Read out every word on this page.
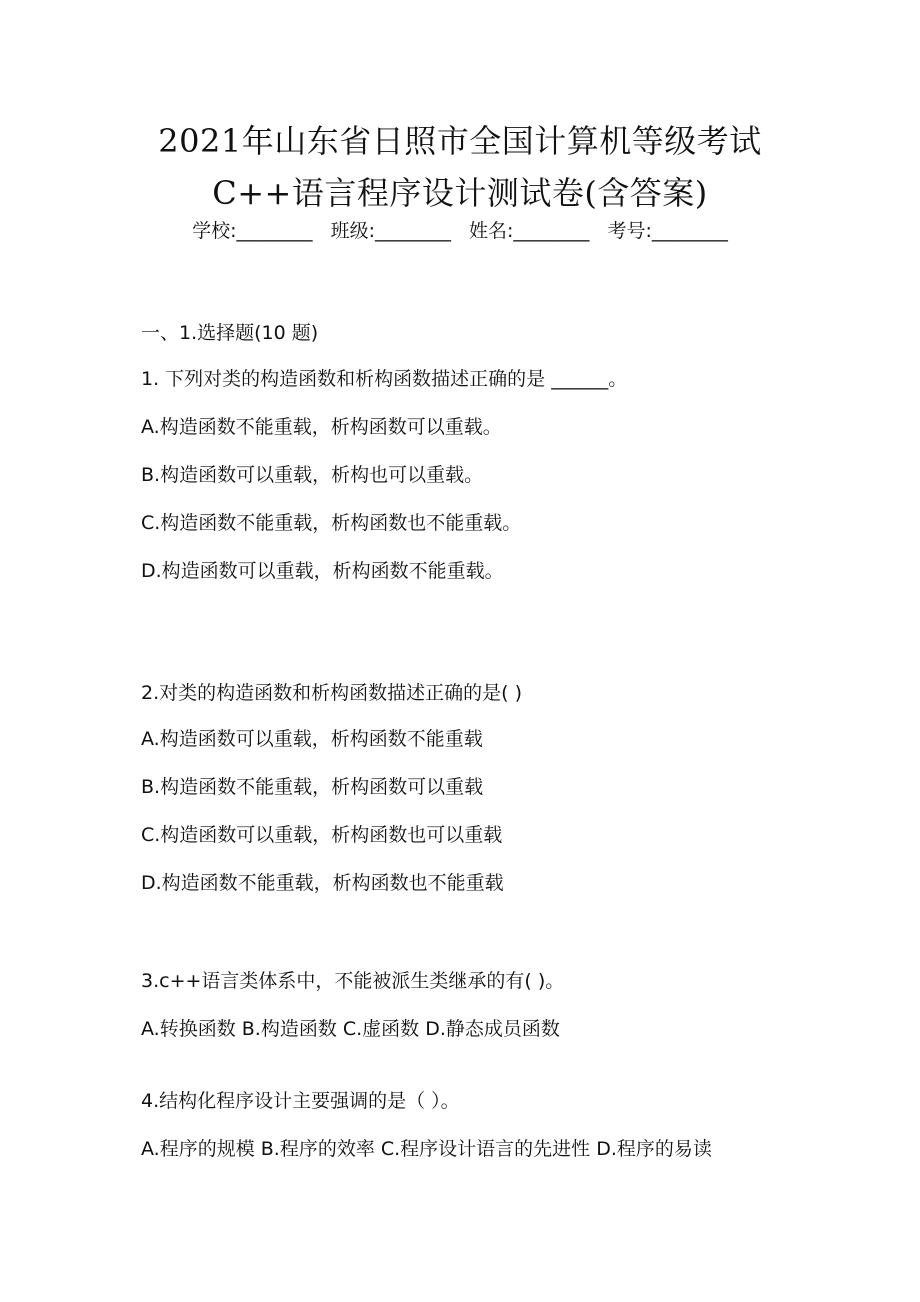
2021年山东省日照市全国计算机等级考试
C++语言程序设计测试卷(含答案)
学校:________ 班级:________ 姓名:________ 考号:________
一、1.选择题(10 题)
1. 下列对类的构造函数和析构函数描述正确的是 ______。
A.构造函数不能重载，析构函数可以重载。
B.构造函数可以重载，析构也可以重载。
C.构造函数不能重载，析构函数也不能重载。
D.构造函数可以重载，析构函数不能重载。
2.对类的构造函数和析构函数描述正确的是( )
A.构造函数可以重载，析构函数不能重载
B.构造函数不能重载，析构函数可以重载
C.构造函数可以重载，析构函数也可以重载
D.构造函数不能重载，析构函数也不能重载
3.c++语言类体系中，不能被派生类继承的有( )。
A.转换函数 B.构造函数 C.虚函数 D.静态成员函数
4.结构化程序设计主要强调的是（ ）。
A.程序的规模 B.程序的效率 C.程序设计语言的先进性 D.程序的易读
